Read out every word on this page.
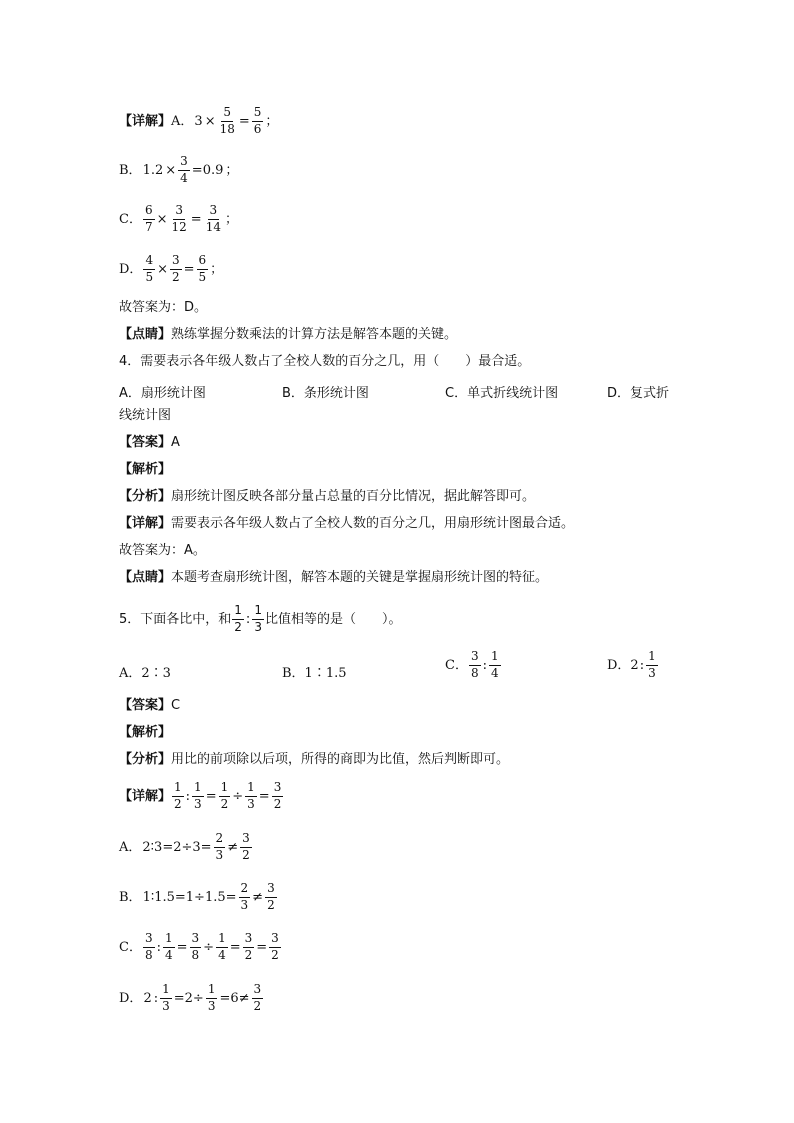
【详解】A．$3 \times \frac{5}{18} = \frac{5}{6}$ ；
B．$1.2 \times \frac{3}{4} =0.9$ ；
C． $\frac{6}{7} \times \frac{3}{12} = \frac{3}{14}$ ；
D． $\frac{4}{5} \times \frac{3}{2} = \frac{6}{5}$ ；
故答案为：D。
【点睛】熟练掌握分数乘法的计算方法是解答本题的关键。
4．需要表示各年级人数占了全校人数的百分之几，用（　　）最合适。
A．扇形统计图	B．条形统计图	C．单式折线统计图	D．复式折
线统计图
【答案】A
【解析】
【分析】扇形统计图反映各部分量占总量的百分比情况，据此解答即可。
【详解】需要表示各年级人数占了全校人数的百分之几，用扇形统计图最合适。
故答案为：A。
【点睛】本题考查扇形统计图，解答本题的关键是掌握扇形统计图的特征。
5．下面各比中，和 $\frac{1}{2}$ : $\frac{1}{3}$ 比值相等的是（　　）。
A．2∶3	B．1∶1.5
C． $\frac{3}{8}$ : $\frac{1}{4}$	D．2: $\frac{1}{3}$
【答案】C
【解析】
【分析】用比的前项除以后项，所得的商即为比值，然后判断即可。
【详解】 $\frac{1}{2}$ : $\frac{1}{3} = \frac{1}{2} \div \frac{1}{3} = \frac{3}{2}$
A．2∶3=2÷3= $\frac{2}{3} \ne \frac{3}{2}$
B．1∶1.5=1÷1.5= $\frac{2}{3} \ne \frac{3}{2}$
C． $\frac{3}{8}$ : $\frac{1}{4} = \frac{3}{8} \div \frac{1}{4} = \frac{3}{2} = \frac{3}{2}$
D．2 : $\frac{1}{3} =2\div \frac{1}{3} =6\ne \frac{3}{2}$
